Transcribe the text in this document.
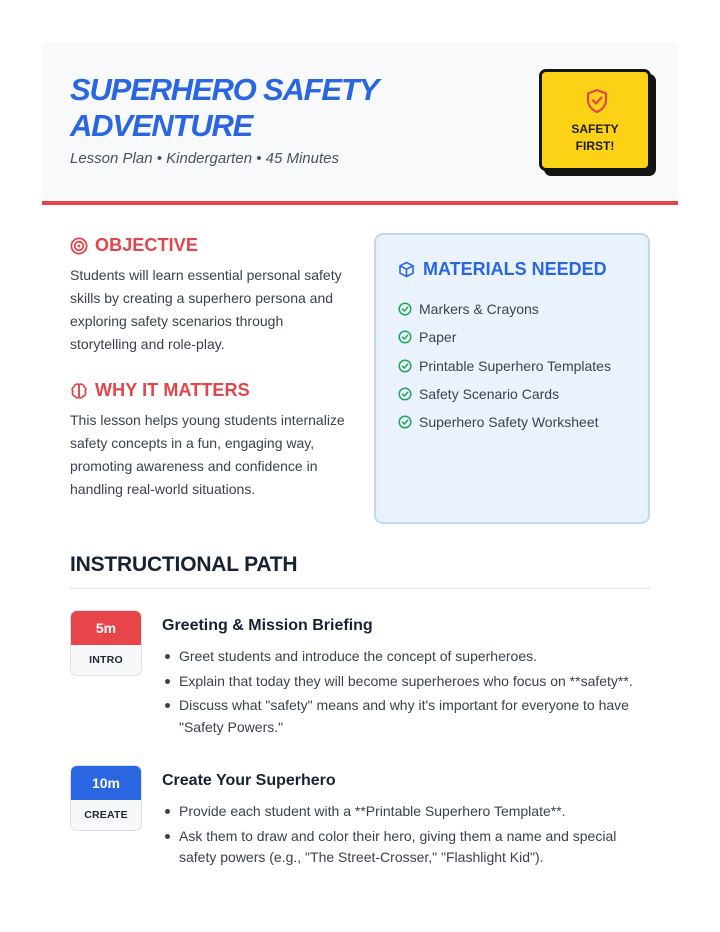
SUPERHERO SAFETY ADVENTURE
Lesson Plan • Kindergarten • 45 Minutes
SAFETY
FIRST!
OBJECTIVE
Students will learn essential personal safety skills by creating a superhero persona and exploring safety scenarios through storytelling and role-play.
WHY IT MATTERS
This lesson helps young students internalize safety concepts in a fun, engaging way, promoting awareness and confidence in handling real-world situations.
MATERIALS NEEDED
Markers & Crayons
Paper
Printable Superhero Templates
Safety Scenario Cards
Superhero Safety Worksheet
INSTRUCTIONAL PATH
5m
INTRO
Greeting & Mission Briefing
Greet students and introduce the concept of superheroes.
Explain that today they will become superheroes who focus on **safety**.
Discuss what "safety" means and why it's important for everyone to have "Safety Powers."
10m
CREATE
Create Your Superhero
Provide each student with a **Printable Superhero Template**.
Ask them to draw and color their hero, giving them a name and special safety powers (e.g., "The Street-Crosser," "Flashlight Kid").
